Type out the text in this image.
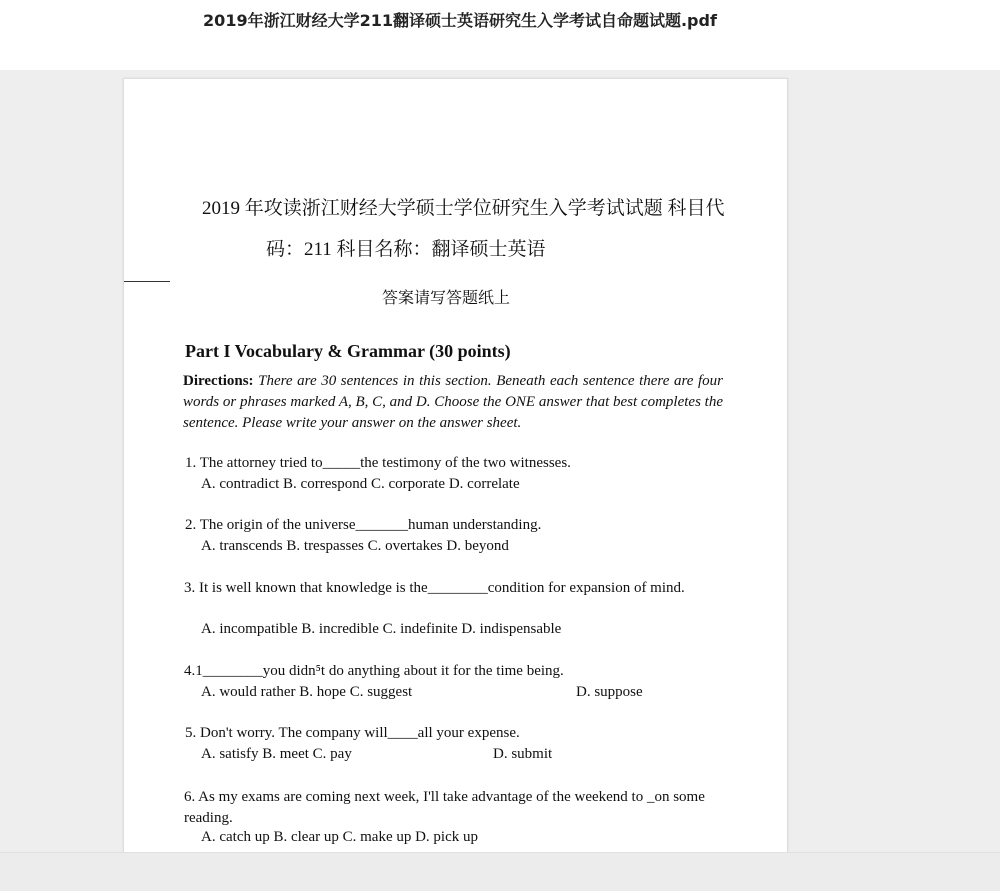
2019年浙江财经大学211翻译硕士英语研究生入学考试自命题试题.pdf
2019 年攻读浙江财经大学硕士学位研究生入学考试试题 科目代
码：211 科目名称：翻译硕士英语
答案请写答题纸上
Part I Vocabulary & Grammar (30 points)
Directions: There are 30 sentences in this section. Beneath each sentence there are four words or phrases marked A, B, C, and D. Choose the ONE answer that best completes the sentence. Please write your answer on the answer sheet.
1. The attorney tried to_____the testimony of the two witnesses.
A. contradict B. correspond C. corporate D. correlate
2. The origin of the universe_______human understanding.
A. transcends B. trespasses C. overtakes D. beyond
3. It is well known that knowledge is the________condition for expansion of mind.
A. incompatible B. incredible C. indefinite D. indispensable
4.1________you didn⁵t do anything about it for the time being.
A. would rather B. hope C. suggest	D. suppose
5. Don't worry. The company will____all your expense.
A. satisfy B. meet C. pay	D. submit
6. As my exams are coming next week, I'll take advantage of the weekend to _on some reading.
A. catch up B. clear up C. make up D. pick up
